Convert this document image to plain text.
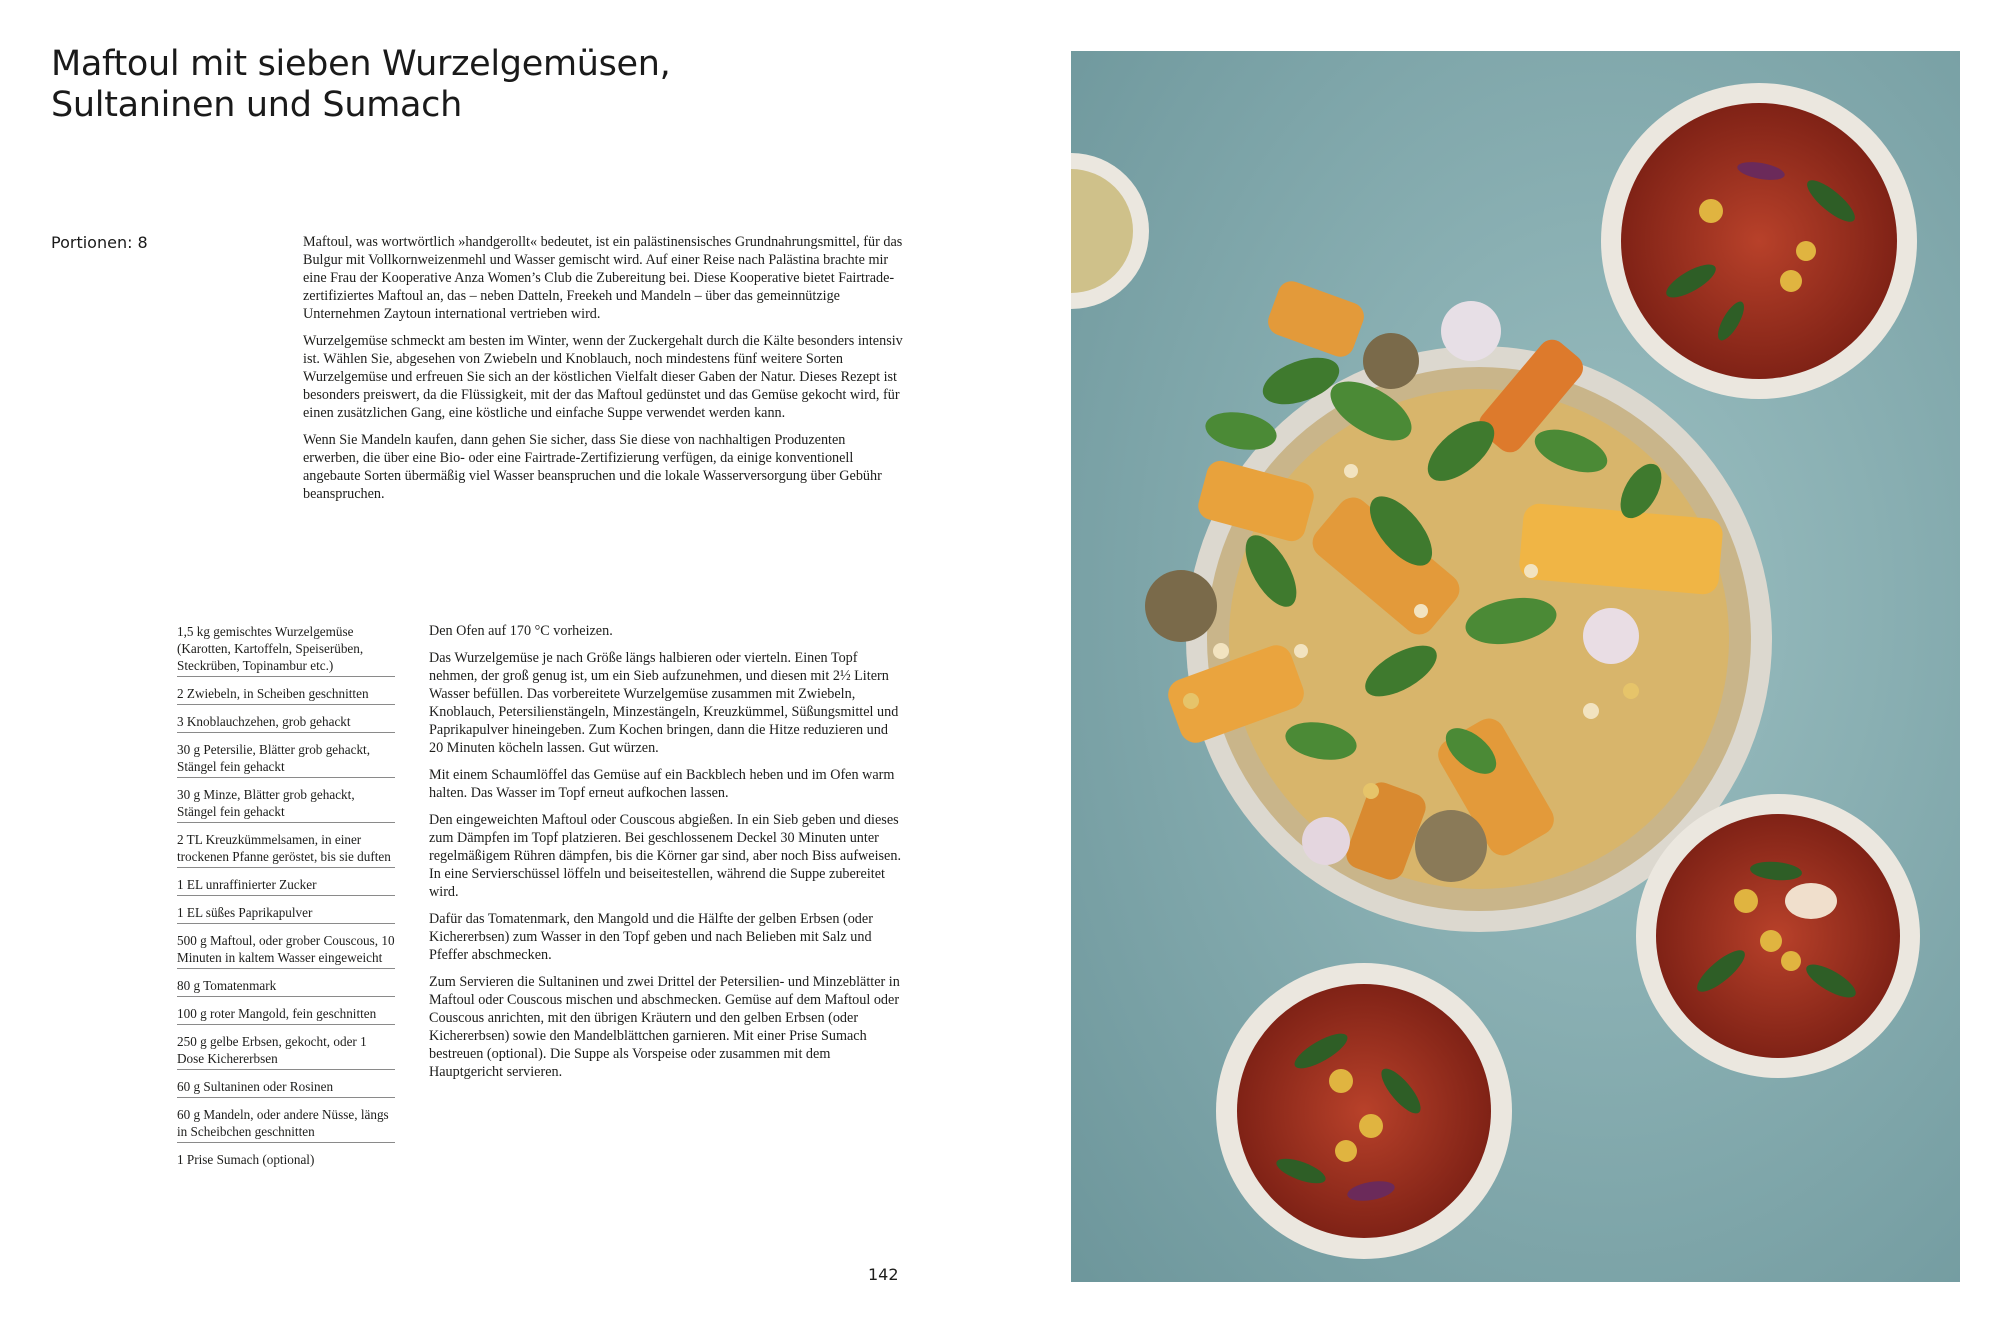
Maftoul mit sieben Wurzelgemüsen,
Sultaninen und Sumach
Portionen: 8	Maftoul, was wortwörtlich »handgerollt« bedeutet, ist ein palästinensisches Grundnahrungsmittel, für das Bulgur mit Vollkornweizenmehl und Wasser gemischt wird. Auf einer Reise nach Palästina brachte mir eine Frau der Kooperative Anza Women’s Club die Zubereitung bei. Diese Kooperative bietet Fairtrade-zertifiziertes Maftoul an, das – neben Datteln, Freekeh und Mandeln – über das gemeinnützige Unternehmen Zaytoun international vertrieben wird.

Wurzelgemüse schmeckt am besten im Winter, wenn der Zuckergehalt durch die Kälte besonders intensiv ist. Wählen Sie, abgesehen von Zwiebeln und Knoblauch, noch mindestens fünf weitere Sorten Wurzelgemüse und erfreuen Sie sich an der köstlichen Vielfalt dieser Gaben der Natur. Dieses Rezept ist besonders preiswert, da die Flüssigkeit, mit der das Maftoul gedünstet und das Gemüse gekocht wird, für einen zusätzlichen Gang, eine köstliche und einfache Suppe verwendet werden kann.

Wenn Sie Mandeln kaufen, dann gehen Sie sicher, dass Sie diese von nachhaltigen Produzenten erwerben, die über eine Bio- oder eine Fairtrade-Zertifizierung verfügen, da einige konventionell angebaute Sorten übermäßig viel Wasser beanspruchen und die lokale Wasserversorgung über Gebühr beanspruchen.

1,5 kg gemischtes Wurzelgemüse (Karotten, Kartoffeln, Speiserüben, Steckrüben, Topinambur etc.)
2 Zwiebeln, in Scheiben geschnitten
3 Knoblauchzehen, grob gehackt
30 g Petersilie, Blätter grob gehackt, Stängel fein gehackt
30 g Minze, Blätter grob gehackt, Stängel fein gehackt
2 TL Kreuzkümmelsamen, in einer trockenen Pfanne geröstet, bis sie duften
1 EL unraffinierter Zucker
1 EL süßes Paprikapulver
500 g Maftoul, oder grober Couscous, 10 Minuten in kaltem Wasser eingeweicht
80 g Tomatenmark
100 g roter Mangold, fein geschnitten
250 g gelbe Erbsen, gekocht, oder 1 Dose Kichererbsen
60 g Sultaninen oder Rosinen
60 g Mandeln, oder andere Nüsse, längs in Scheibchen geschnitten
1 Prise Sumach (optional)

Den Ofen auf 170 °C vorheizen.

Das Wurzelgemüse je nach Größe längs halbieren oder vierteln. Einen Topf nehmen, der groß genug ist, um ein Sieb aufzunehmen, und diesen mit 2½ Litern Wasser befüllen. Das vorbereitete Wurzelgemüse zusammen mit Zwiebeln, Knoblauch, Petersilienstängeln, Minzestängeln, Kreuzkümmel, Süßungsmittel und Paprikapulver hineingeben. Zum Kochen bringen, dann die Hitze reduzieren und 20 Minuten köcheln lassen. Gut würzen.

Mit einem Schaumlöffel das Gemüse auf ein Backblech heben und im Ofen warm halten. Das Wasser im Topf erneut aufkochen lassen.

Den eingeweichten Maftoul oder Couscous abgießen. In ein Sieb geben und dieses zum Dämpfen im Topf platzieren. Bei geschlossenem Deckel 30 Minuten unter regelmäßigem Rühren dämpfen, bis die Körner gar sind, aber noch Biss aufweisen. In eine Servierschüssel löffeln und beiseitestellen, während die Suppe zubereitet wird.

Dafür das Tomatenmark, den Mangold und die Hälfte der gelben Erbsen (oder Kichererbsen) zum Wasser in den Topf geben und nach Belieben mit Salz und Pfeffer abschmecken.

Zum Servieren die Sultaninen und zwei Drittel der Petersilien- und Minzeblätter in Maftoul oder Couscous mischen und abschmecken. Gemüse auf dem Maftoul oder Couscous anrichten, mit den übrigen Kräutern und den gelben Erbsen (oder Kichererbsen) sowie den Mandelblättchen garnieren. Mit einer Prise Sumach bestreuen (optional). Die Suppe als Vorspeise oder zusammen mit dem Hauptgericht servieren.

142
